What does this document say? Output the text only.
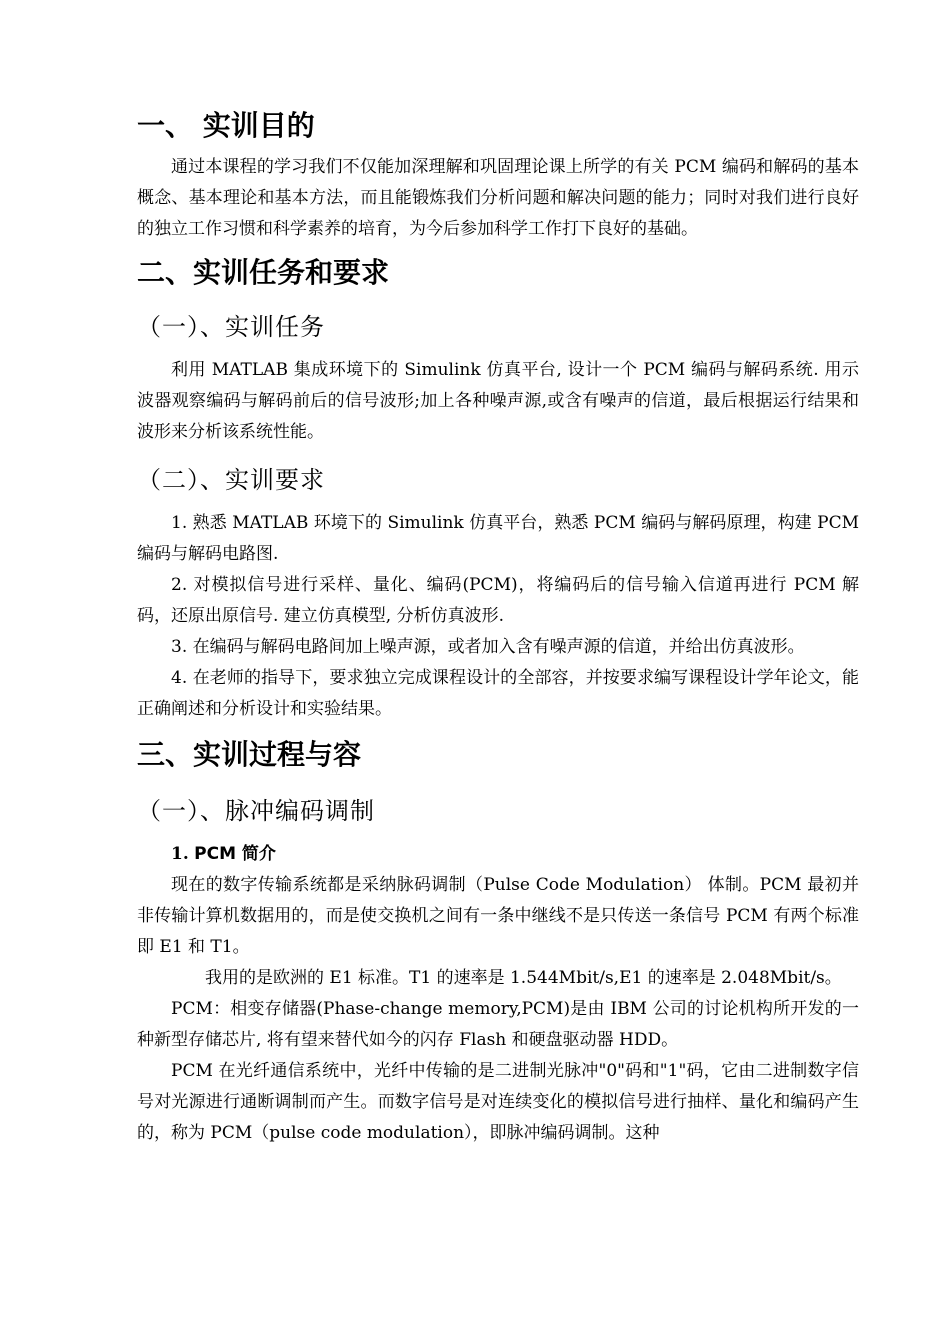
一、 实训目的

通过本课程的学习我们不仅能加深理解和巩固理论课上所学的有关 PCM 编码和解码的基本概念、基本理论和基本方法，而且能锻炼我们分析问题和解决问题的能力；同时对我们进行良好的独立工作习惯和科学素养的培育，为今后参加科学工作打下良好的基础。

二、实训任务和要求
（一）、实训任务

利用 MATLAB 集成环境下的 Simulink 仿真平台, 设计一个 PCM 编码与解码系统. 用示波器观察编码与解码前后的信号波形;加上各种噪声源,或含有噪声的信道，最后根据运行结果和波形来分析该系统性能。

（二）、实训要求

1. 熟悉 MATLAB 环境下的 Simulink 仿真平台，熟悉 PCM 编码与解码原理，构建 PCM 编码与解码电路图.

2. 对模拟信号进行采样、量化、编码(PCM)，将编码后的信号输入信道再进行 PCM 解码，还原出原信号. 建立仿真模型, 分析仿真波形.

3. 在编码与解码电路间加上噪声源，或者加入含有噪声源的信道，并给出仿真波形。

4. 在老师的指导下，要求独立完成课程设计的全部容，并按要求编写课程设计学年论文，能正确阐述和分析设计和实验结果。

三、实训过程与容
（一）、脉冲编码调制
1. PCM 简介

现在的数字传输系统都是采纳脉码调制（Pulse Code Modulation） 体制。PCM 最初并非传输计算机数据用的，而是使交换机之间有一条中继线不是只传送一条信号 PCM 有两个标准即 E1 和 T1。

我用的是欧洲的 E1 标准。T1 的速率是 1.544Mbit/s,E1 的速率是 2.048Mbit/s。

PCM：相变存储器(Phase-change memory,PCM)是由 IBM 公司的讨论机构所开发的一种新型存储芯片, 将有望来替代如今的闪存 Flash 和硬盘驱动器 HDD。

PCM 在光纤通信系统中，光纤中传输的是二进制光脉冲"0"码和"1"码，它由二进制数字信号对光源进行通断调制而产生。而数字信号是对连续变化的模拟信号进行抽样、量化和编码产生的，称为 PCM（pulse code modulation），即脉冲编码调制。这种
